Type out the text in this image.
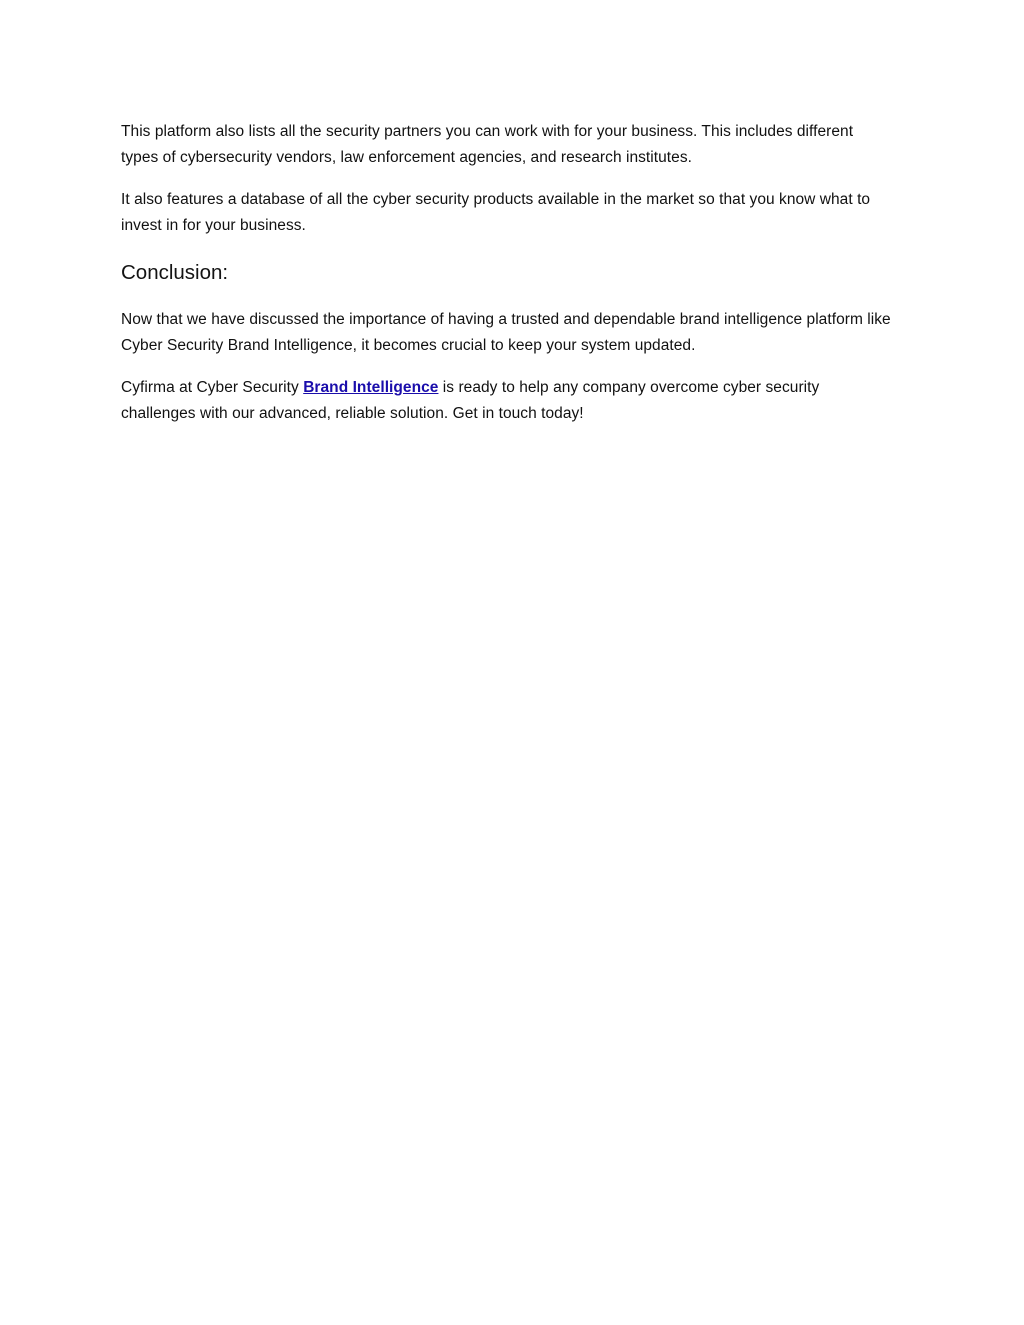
This platform also lists all the security partners you can work with for your business. This includes different types of cybersecurity vendors, law enforcement agencies, and research institutes.

It also features a database of all the cyber security products available in the market so that you know what to invest in for your business.

Conclusion:

Now that we have discussed the importance of having a trusted and dependable brand intelligence platform like Cyber Security Brand Intelligence, it becomes crucial to keep your system updated.

Cyfirma at Cyber Security Brand Intelligence is ready to help any company overcome cyber security challenges with our advanced, reliable solution. Get in touch today!
